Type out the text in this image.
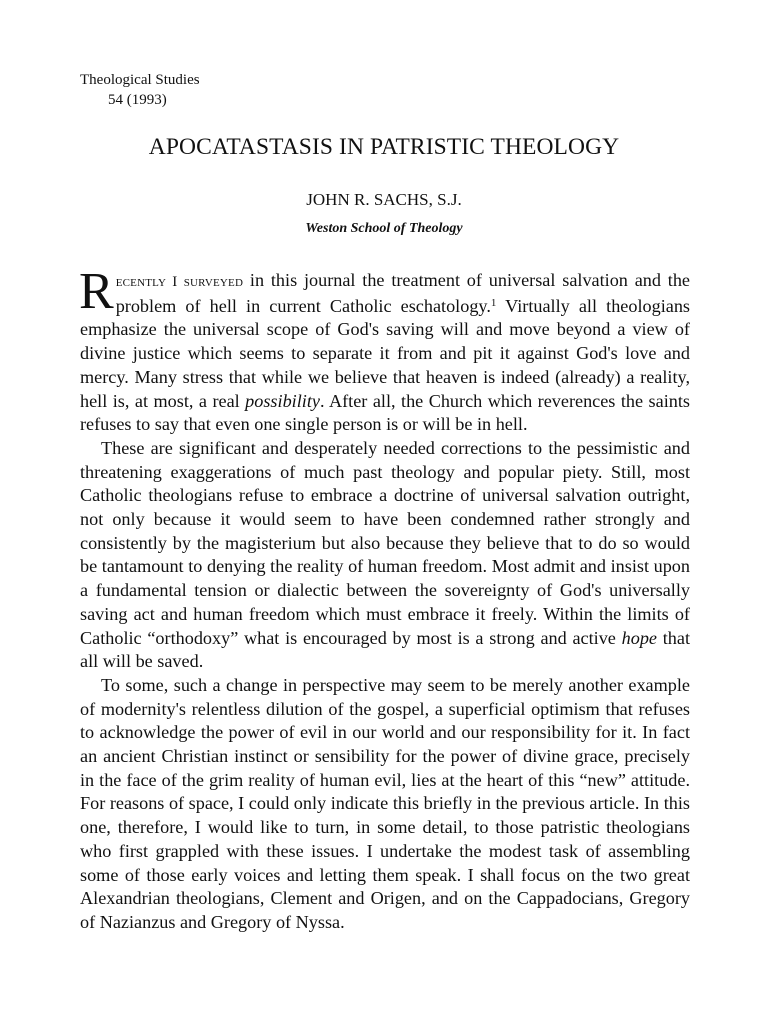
Theological Studies
54 (1993)
APOCATASTASIS IN PATRISTIC THEOLOGY
JOHN R. SACHS, S.J.
Weston School of Theology

Recently I surveyed in this journal the treatment of universal salvation and the problem of hell in current Catholic eschatology.$^1$ Virtually all theologians emphasize the universal scope of God's saving will and move beyond a view of divine justice which seems to separate it from and pit it against God's love and mercy. Many stress that while we believe that heaven is indeed (already) a reality, hell is, at most, a real possibility. After all, the Church which reverences the saints refuses to say that even one single person is or will be in hell.

These are significant and desperately needed corrections to the pessimistic and threatening exaggerations of much past theology and popular piety. Still, most Catholic theologians refuse to embrace a doctrine of universal salvation outright, not only because it would seem to have been condemned rather strongly and consistently by the magisterium but also because they believe that to do so would be tantamount to denying the reality of human freedom. Most admit and insist upon a fundamental tension or dialectic between the sovereignty of God's universally saving act and human freedom which must embrace it freely. Within the limits of Catholic “orthodoxy” what is encouraged by most is a strong and active hope that all will be saved.

To some, such a change in perspective may seem to be merely another example of modernity's relentless dilution of the gospel, a superficial optimism that refuses to acknowledge the power of evil in our world and our responsibility for it. In fact an ancient Christian instinct or sensibility for the power of divine grace, precisely in the face of the grim reality of human evil, lies at the heart of this “new” attitude. For reasons of space, I could only indicate this briefly in the previous article. In this one, therefore, I would like to turn, in some detail, to those patristic theologians who first grappled with these issues. I undertake the modest task of assembling some of those early voices and letting them speak. I shall focus on the two great Alexandrian theologians, Clement and Origen, and on the Cappadocians, Gregory of Nazianzus and Gregory of Nyssa.
